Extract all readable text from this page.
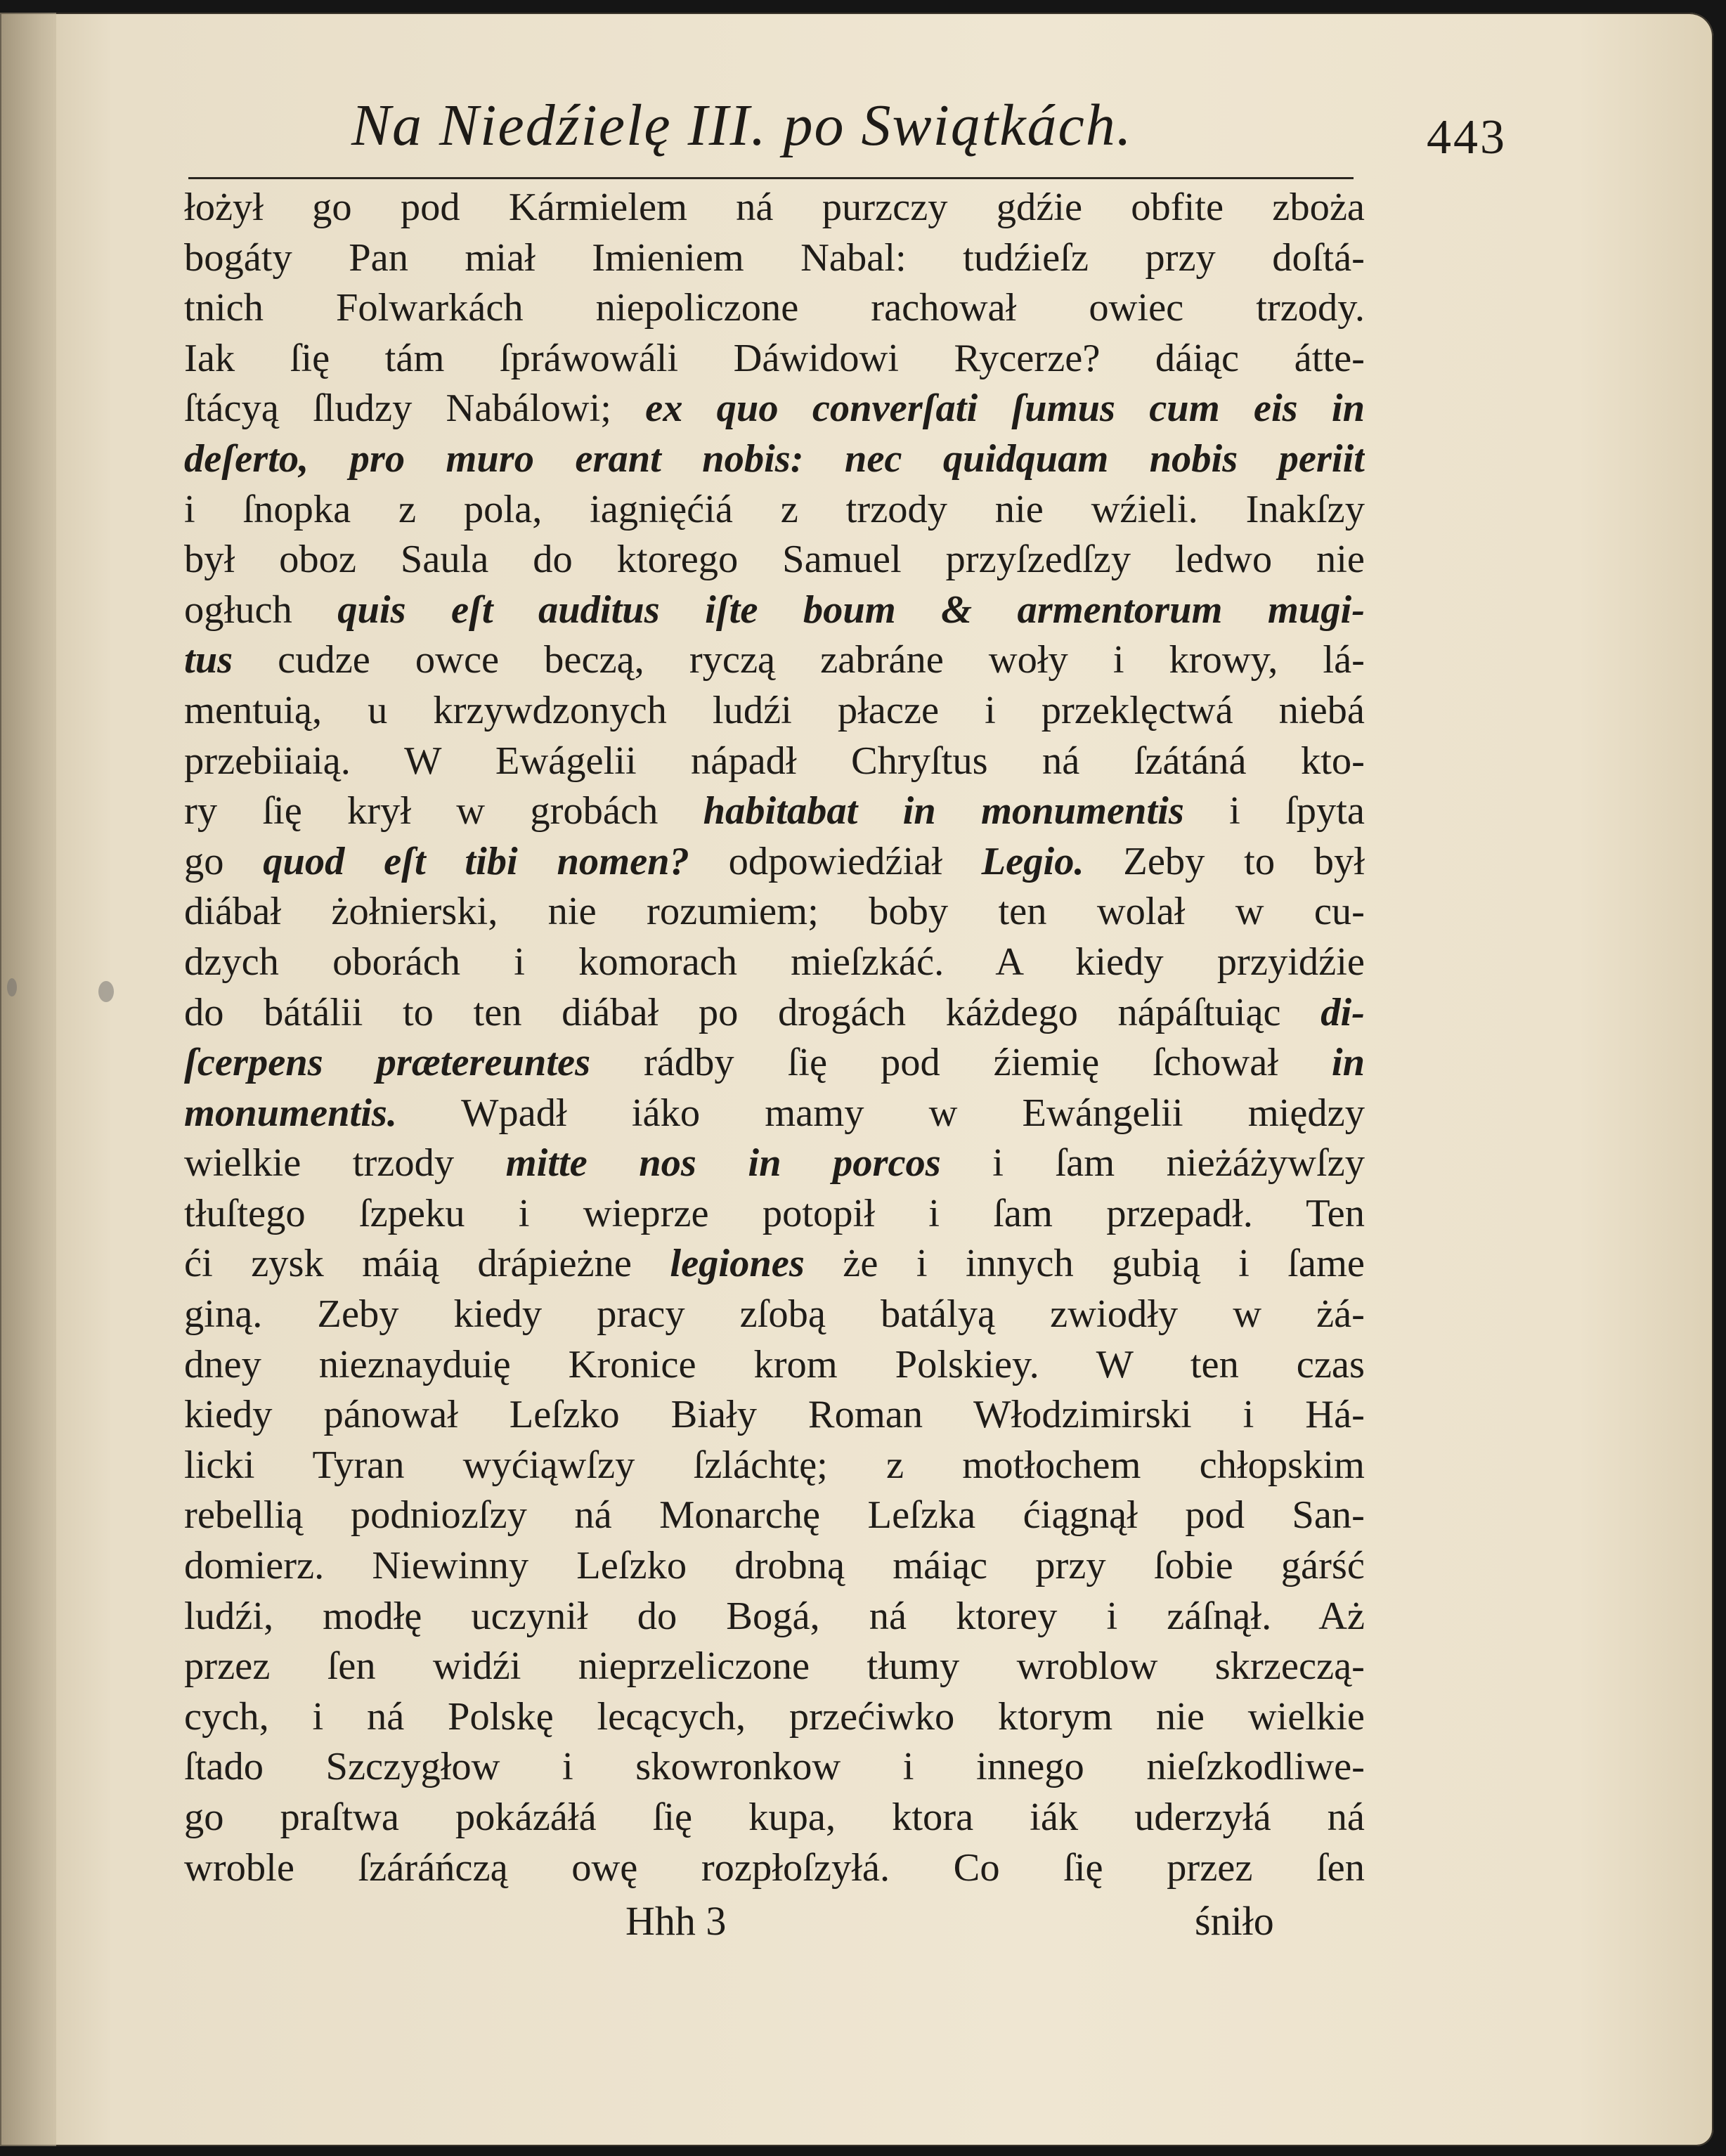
Na Niedźielę III. po Swiątkách.	443
łożył go pod Kármielem ná purzczy gdźie obfite zboża
bogáty Pan miał Imieniem Nabal: tudźieſz przy doſtá-
tnich Folwarkách niepoliczone rachował owiec trzody.
Iak ſię tám ſpráwowáli Dáwidowi Rycerze? dáiąc átte-
ſtácyą ſludzy Nabálowi; ex quo converſati ſumus cum eis in
deſerto, pro muro erant nobis: nec quidquam nobis periit
i ſnopka z pola, iagnięćiá z trzody nie wźieli. Inakſzy
był oboz Saula do ktorego Samuel przyſzedſzy ledwo nie
ogłuch quis eſt auditus iſte boum & armentorum mugi-
tus cudze owce beczą, ryczą zabráne woły i krowy, lá-
mentuią, u krzywdzonych ludźi płacze i przeklęctwá niebá
przebiiaią. W Ewágelii nápadł Chryſtus ná ſzátáná kto-
ry ſię krył w grobách habitabat in monumentis i ſpyta
go quod eſt tibi nomen? odpowiedźiał Legio. Zeby to był
diábał żołnierski, nie rozumiem; boby ten wolał w cu-
dzych oborách i komorach mieſzkáć. A kiedy przyidźie
do bátálii to ten diábał po drogách káżdego nápáſtuiąc di-
ſcerpens prætereuntes rádby ſię pod źiemię ſchował in
monumentis. Wpadł iáko mamy w Ewángelii między
wielkie trzody mitte nos in porcos i ſam nieżáżywſzy
tłuſtego ſzpeku i wieprze potopił i ſam przepadł. Ten
ći zysk máią drápieżne legiones że i innych gubią i ſame
giną. Zeby kiedy pracy zſobą batályą zwiodły w żá-
dney nieznayduię Kronice krom Polskiey. W ten czas
kiedy pánował Leſzko Biały Roman Włodzimirski i Há-
licki Tyran wyćiąwſzy ſzláchtę; z motłochem chłopskim
rebellią podniozſzy ná Monarchę Leſzka ćiągnął pod San-
domierz. Niewinny Leſzko drobną máiąc przy ſobie gárść
ludźi, modłę uczynił do Bogá, ná ktorey i záſnął. Aż
przez ſen widźi nieprzeliczone tłumy wroblow skrzeczą-
cych, i ná Polskę lecących, przećiwko ktorym nie wielkie
ſtado Szczygłow i skowronkow i innego nieſzkodliwe-
go praſtwa pokázáłá ſię kupa, ktora iák uderzyłá ná
wroble ſzáráńczą owę rozpłoſzyłá. Co ſię przez ſen
Hhh 3	śniło
